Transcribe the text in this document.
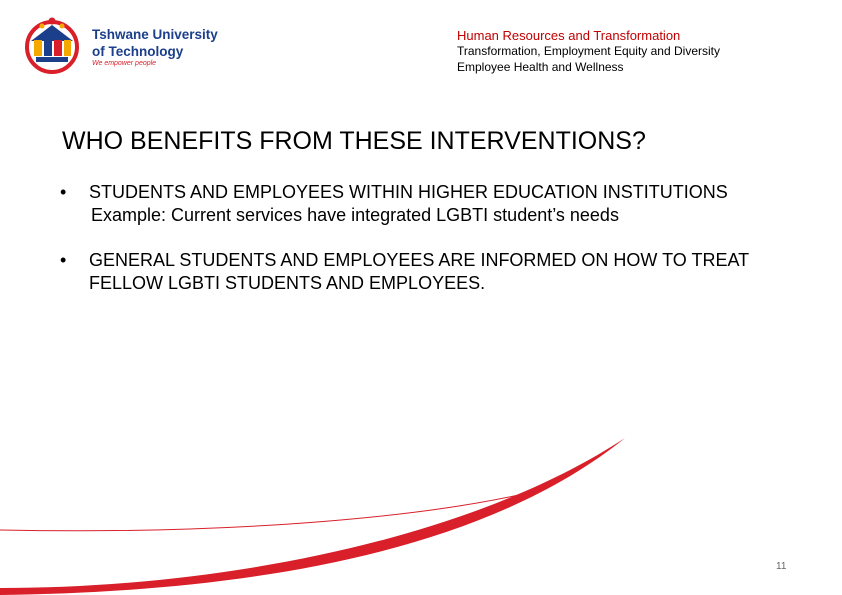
Tshwane University
of Technology
We empower people
Human Resources and Transformation
Transformation, Employment Equity and Diversity
Employee Health and Wellness
WHO BENEFITS FROM THESE INTERVENTIONS?
• STUDENTS AND EMPLOYEES WITHIN HIGHER EDUCATION INSTITUTIONS
Example: Current services have integrated LGBTI student’s needs
• GENERAL STUDENTS AND EMPLOYEES ARE INFORMED ON HOW TO TREAT FELLOW LGBTI STUDENTS AND EMPLOYEES.
11
